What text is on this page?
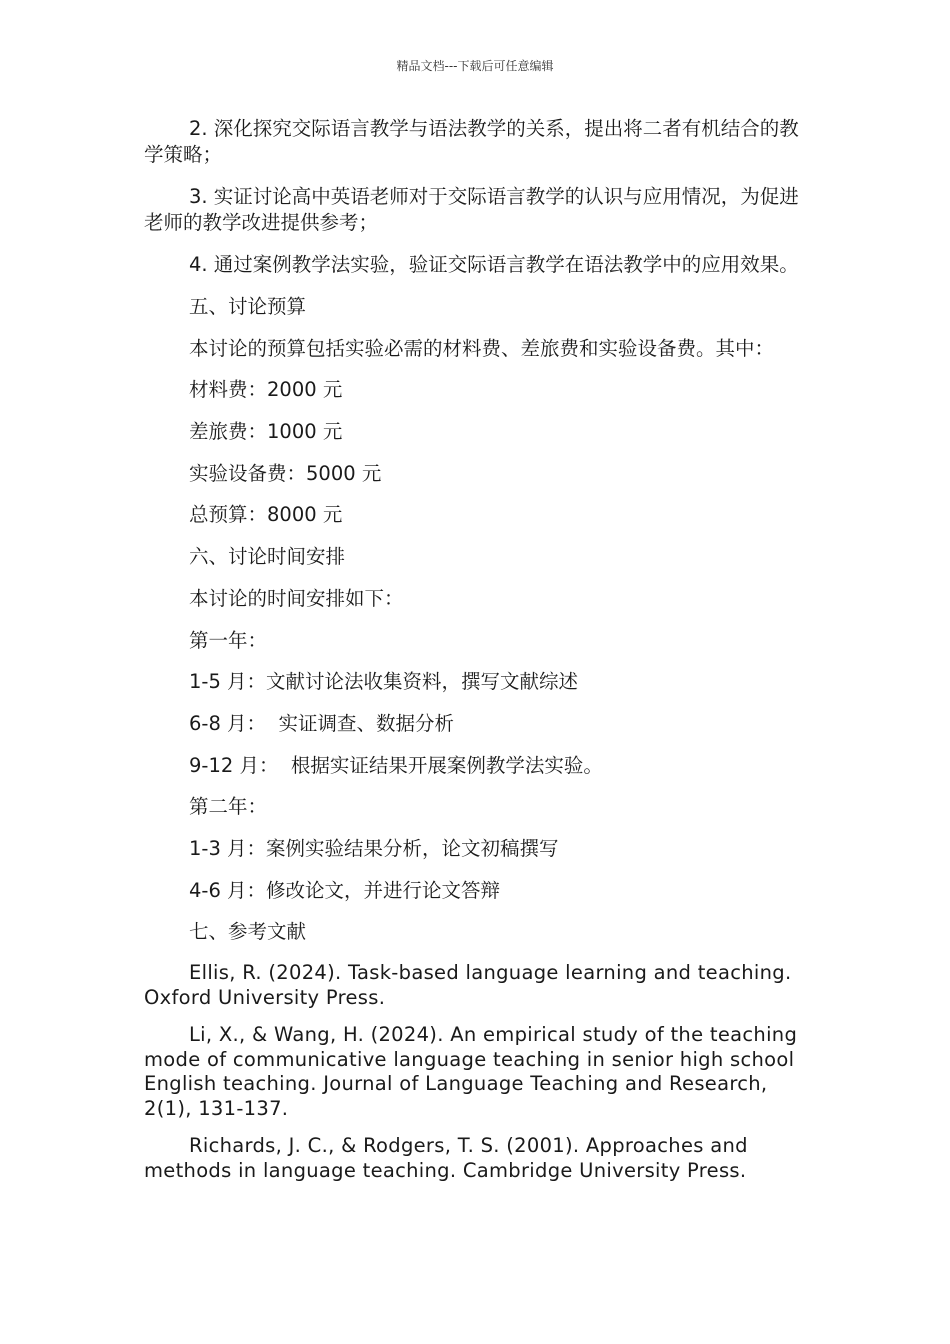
精品文档---下载后可任意编辑

2. 深化探究交际语言教学与语法教学的关系，提出将二者有机结合的教学策略；

3. 实证讨论高中英语老师对于交际语言教学的认识与应用情况，为促进老师的教学改进提供参考；

4. 通过案例教学法实验，验证交际语言教学在语法教学中的应用效果。

五、讨论预算

本讨论的预算包括实验必需的材料费、差旅费和实验设备费。其中：

材料费：2000 元

差旅费：1000 元

实验设备费：5000 元

总预算：8000 元

六、讨论时间安排

本讨论的时间安排如下：

第一年：

1-5 月：文献讨论法收集资料，撰写文献综述

6-8 月：  实证调查、数据分析

9-12 月：  根据实证结果开展案例教学法实验。

第二年：

1-3 月：案例实验结果分析，论文初稿撰写

4-6 月：修改论文，并进行论文答辩

七、参考文献

Ellis, R. (2024). Task-based language learning and teaching. Oxford University Press.

Li, X., & Wang, H. (2024). An empirical study of the teaching mode of communicative language teaching in senior high school English teaching. Journal of Language Teaching and Research, 2(1), 131-137.

Richards, J. C., & Rodgers, T. S. (2001). Approaches and methods in language teaching. Cambridge University Press.
